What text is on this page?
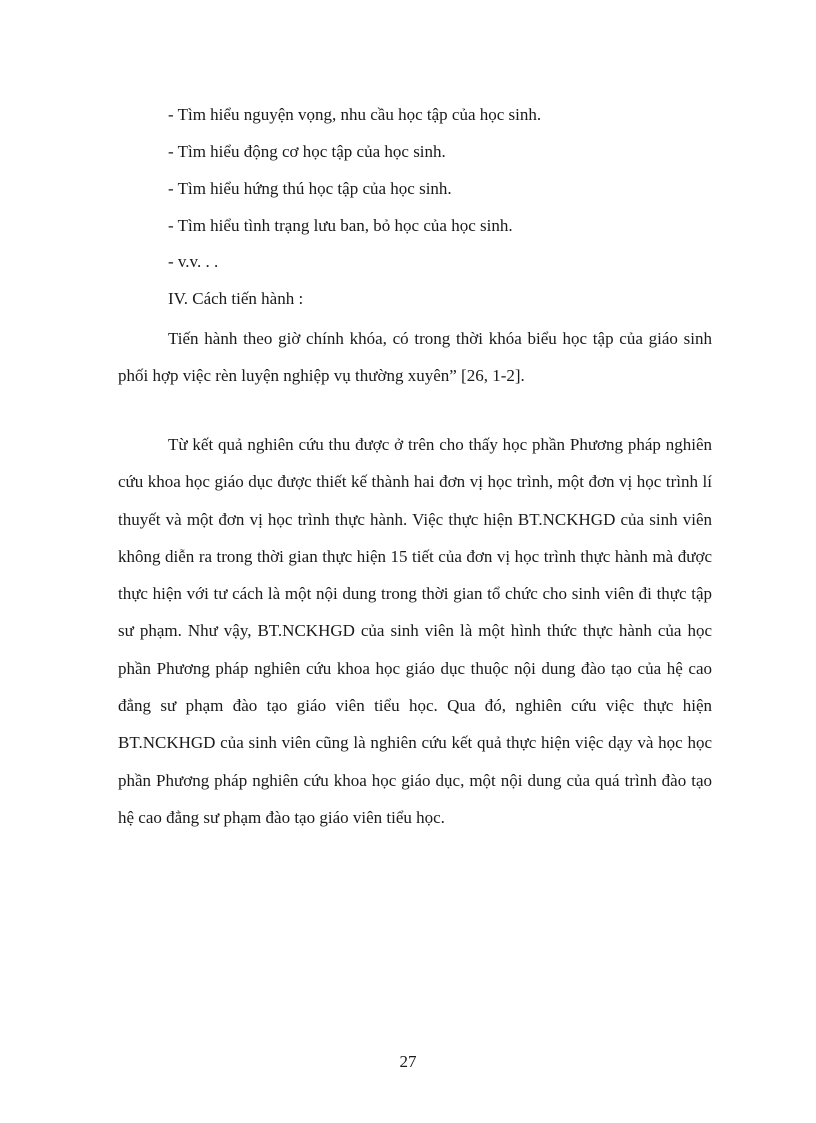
- Tìm hiểu nguyện vọng, nhu cầu học tập của học sinh.
- Tìm hiểu động cơ học tập của học sinh.
- Tìm hiểu hứng thú học tập của học sinh.
- Tìm hiểu tình trạng lưu ban, bỏ học của học sinh.
- v.v. . .
IV. Cách tiến hành :

Tiến hành theo giờ chính khóa, có trong thời khóa biểu học tập của giáo sinh phối hợp việc rèn luyện nghiệp vụ thường xuyên” [26, 1-2].

Từ kết quả nghiên cứu thu được ở trên cho thấy học phần Phương pháp nghiên cứu khoa học giáo dục được thiết kế thành hai đơn vị học trình, một đơn vị học trình lí thuyết và một đơn vị học trình thực hành. Việc thực hiện BT.NCKHGD của sinh viên không diễn ra trong thời gian thực hiện 15 tiết của đơn vị học trình thực hành mà được thực hiện với tư cách là một nội dung trong thời gian tổ chức cho sinh viên đi thực tập sư phạm. Như vậy, BT.NCKHGD của sinh viên là một hình thức thực hành của học phần Phương pháp nghiên cứu khoa học giáo dục thuộc nội dung đào tạo của hệ cao đẳng sư phạm đào tạo giáo viên tiểu học. Qua đó, nghiên cứu việc thực hiện BT.NCKHGD của sinh viên cũng là nghiên cứu kết quả thực hiện việc dạy và học học phần Phương pháp nghiên cứu khoa học giáo dục, một nội dung của quá trình đào tạo hệ cao đẳng sư phạm đào tạo giáo viên tiểu học.

27
